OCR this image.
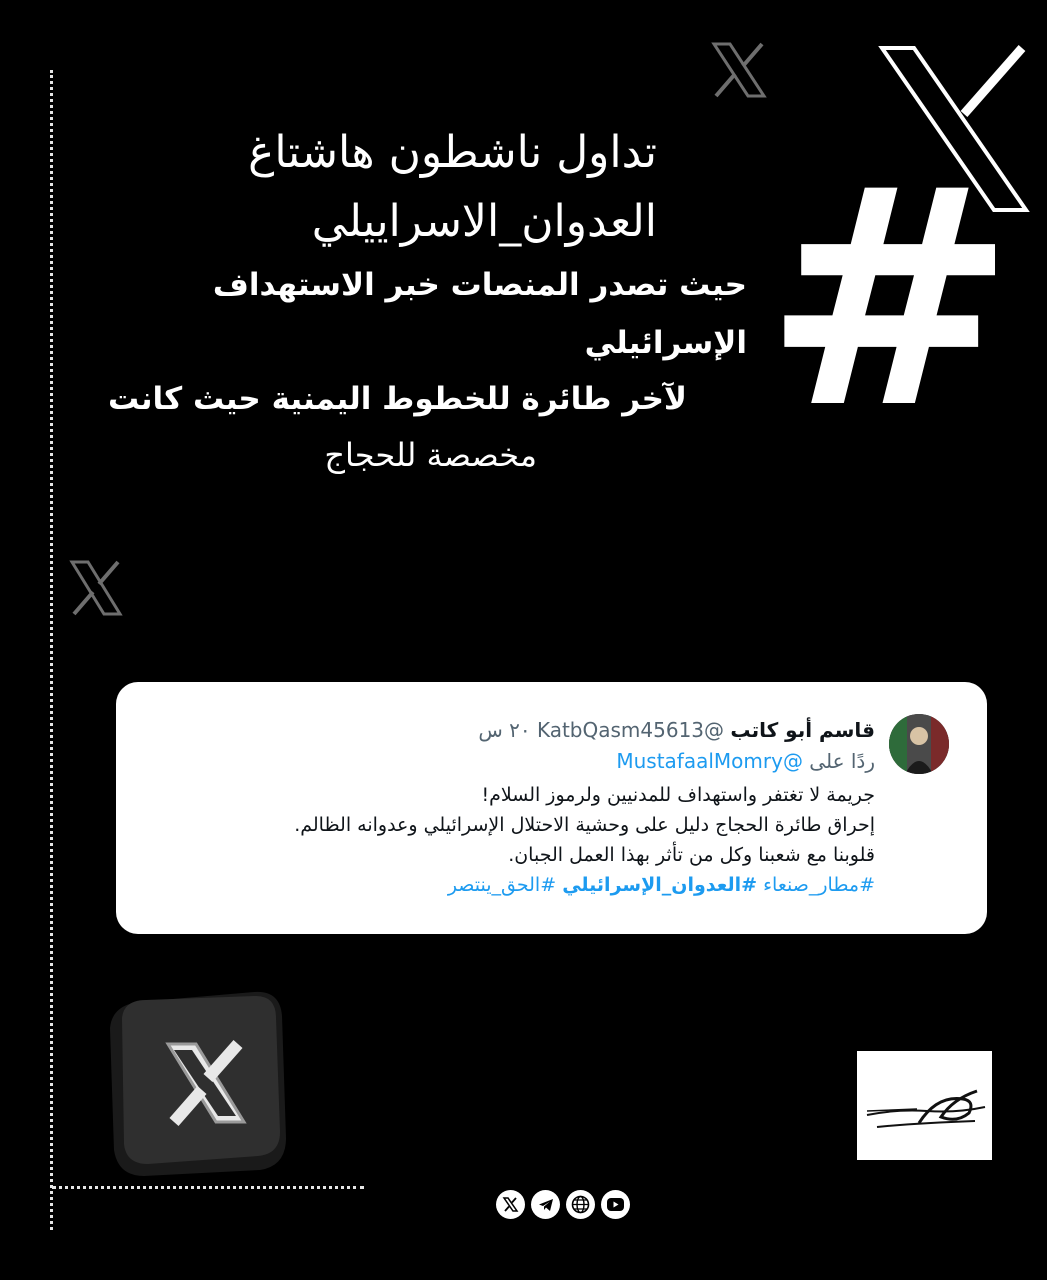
#
تداول ناشطون هاشتاغ
العدوان_الاسراييلي
حيث تصدر المنصات خبر الاستهداف الإسرائيلي
لآخر طائرة للخطوط اليمنية حيث كانت
مخصصة للحجاج
قاسم أبو كاتب @KatbQasm45613 ٢٠ س
ردًا على @MustafaalMomry
جريمة لا تغتفر واستهداف للمدنيين ولرموز السلام!
إحراق طائرة الحجاج دليل على وحشية الاحتلال الإسرائيلي وعدوانه الظالم.
قلوبنا مع شعبنا وكل من تأثر بهذا العمل الجبان.
#مطار_صنعاء #العدوان_الإسرائيلي #الحق_ينتصر
